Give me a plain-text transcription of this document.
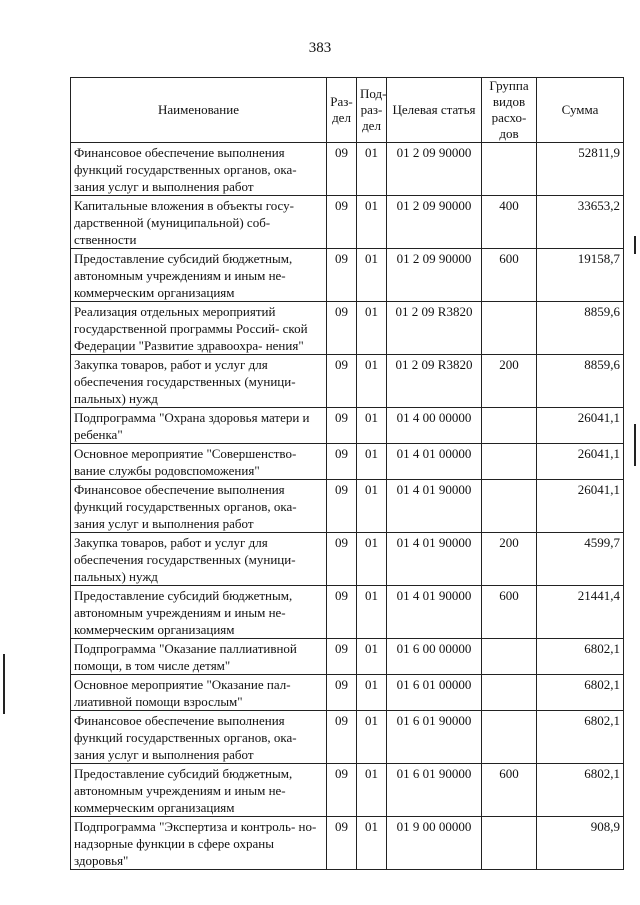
383
Наименование	Раз- дел	Под- раз- дел	Целевая статья	Группа видов расхо- дов	Сумма
Финансовое обеспечение выполнения функций государственных органов, ока- зания услуг и выполнения работ	09	01	01 2 09 90000		52811,9
Капитальные вложения в объекты госу- дарственной (муниципальной) соб- ственности	09	01	01 2 09 90000	400	33653,2
Предоставление субсидий бюджетным, автономным учреждениям и иным не- коммерческим организациям	09	01	01 2 09 90000	600	19158,7
Реализация отдельных мероприятий государственной программы Россий- ской Федерации "Развитие здравоохра- нения"	09	01	01 2 09 R3820		8859,6
Закупка товаров, работ и услуг для обеспечения государственных (муници- пальных) нужд	09	01	01 2 09 R3820	200	8859,6
Подпрограмма "Охрана здоровья матери и ребенка"	09	01	01 4 00 00000		26041,1
Основное мероприятие "Совершенство- вание службы родовспоможения"	09	01	01 4 01 00000		26041,1
Финансовое обеспечение выполнения функций государственных органов, ока- зания услуг и выполнения работ	09	01	01 4 01 90000		26041,1
Закупка товаров, работ и услуг для обеспечения государственных (муници- пальных) нужд	09	01	01 4 01 90000	200	4599,7
Предоставление субсидий бюджетным, автономным учреждениям и иным не- коммерческим организациям	09	01	01 4 01 90000	600	21441,4
Подпрограмма "Оказание паллиативной помощи, в том числе детям"	09	01	01 6 00 00000		6802,1
Основное мероприятие "Оказание пал- лиативной помощи взрослым"	09	01	01 6 01 00000		6802,1
Финансовое обеспечение выполнения функций государственных органов, ока- зания услуг и выполнения работ	09	01	01 6 01 90000		6802,1
Предоставление субсидий бюджетным, автономным учреждениям и иным не- коммерческим организациям	09	01	01 6 01 90000	600	6802,1
Подпрограмма "Экспертиза и контроль- но-надзорные функции в сфере охраны здоровья"	09	01	01 9 00 00000		908,9
